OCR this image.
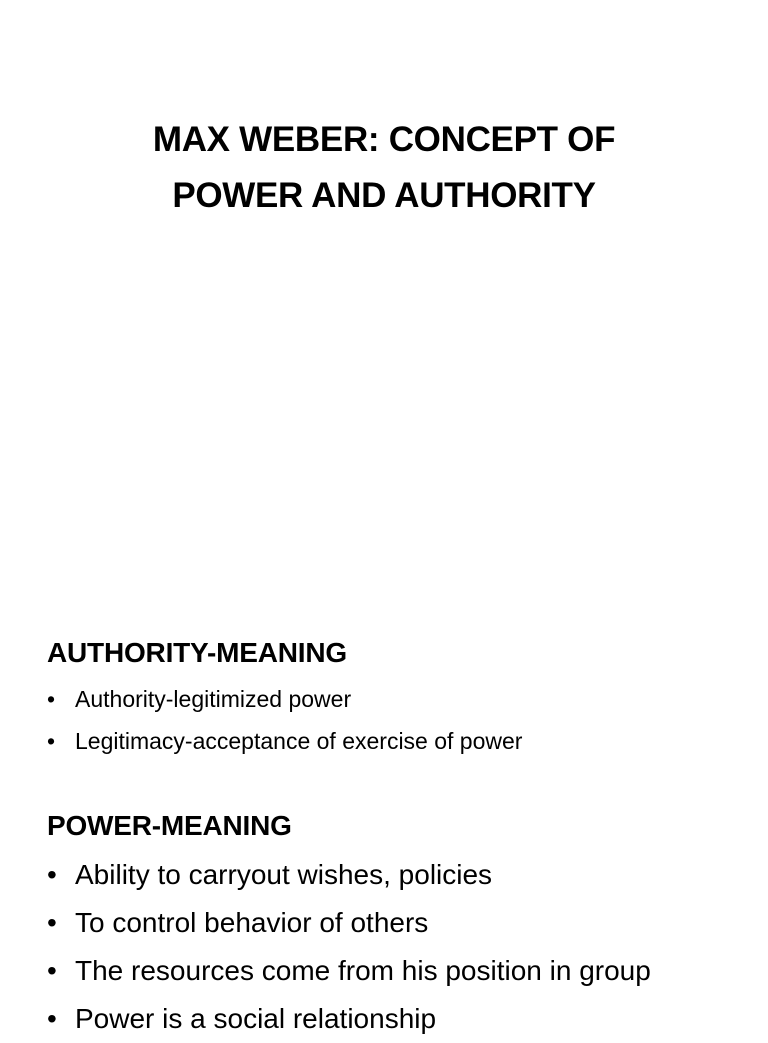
MAX WEBER: CONCEPT OF
POWER AND AUTHORITY
AUTHORITY-MEANING
• Authority-legitimized power
• Legitimacy-acceptance of exercise of power
POWER-MEANING
• Ability to carryout wishes, policies
• To control behavior of others
• The resources come from his position in group
• Power is a social relationship
